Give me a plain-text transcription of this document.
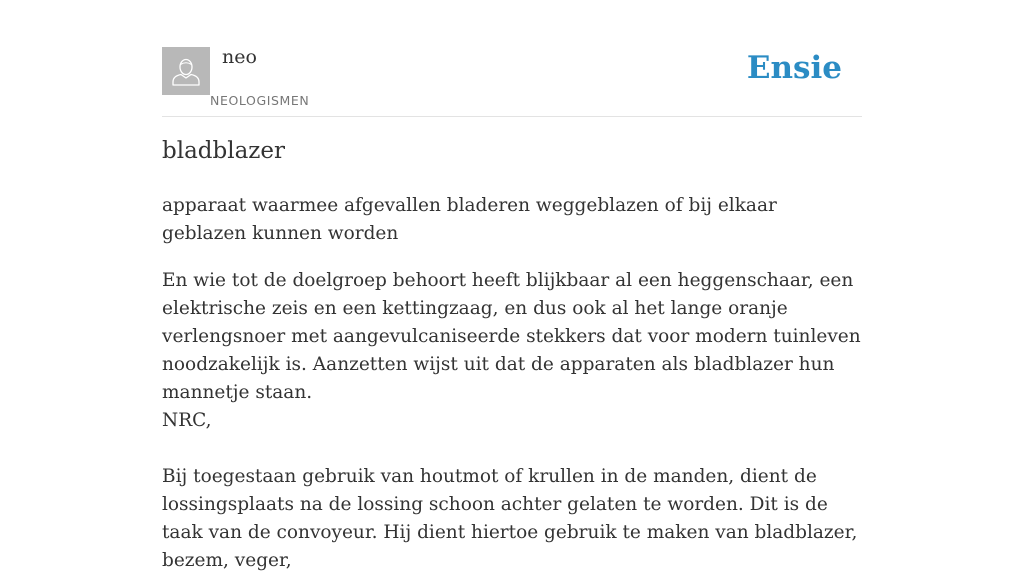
neo
NEOLOGISMEN
Ensie
bladblazer

apparaat waarmee afgevallen bladeren weggeblazen of bij elkaar geblazen kunnen worden

En wie tot de doelgroep behoort heeft blijkbaar al een heggenschaar, een elektrische zeis en een kettingzaag, en dus ook al het lange oranje verlengsnoer met aangevulcaniseerde stekkers dat voor modern tuinleven noodzakelijk is. Aanzetten wijst uit dat de apparaten als bladblazer hun mannetje staan.

NRC,

Bij toegestaan gebruik van houtmot of krullen in de manden, dient de lossingsplaats na de lossing schoon achter gelaten te worden. Dit is de taak van de convoyeur. Hij dient hiertoe gebruik te maken van bladblazer, bezem, veger,
